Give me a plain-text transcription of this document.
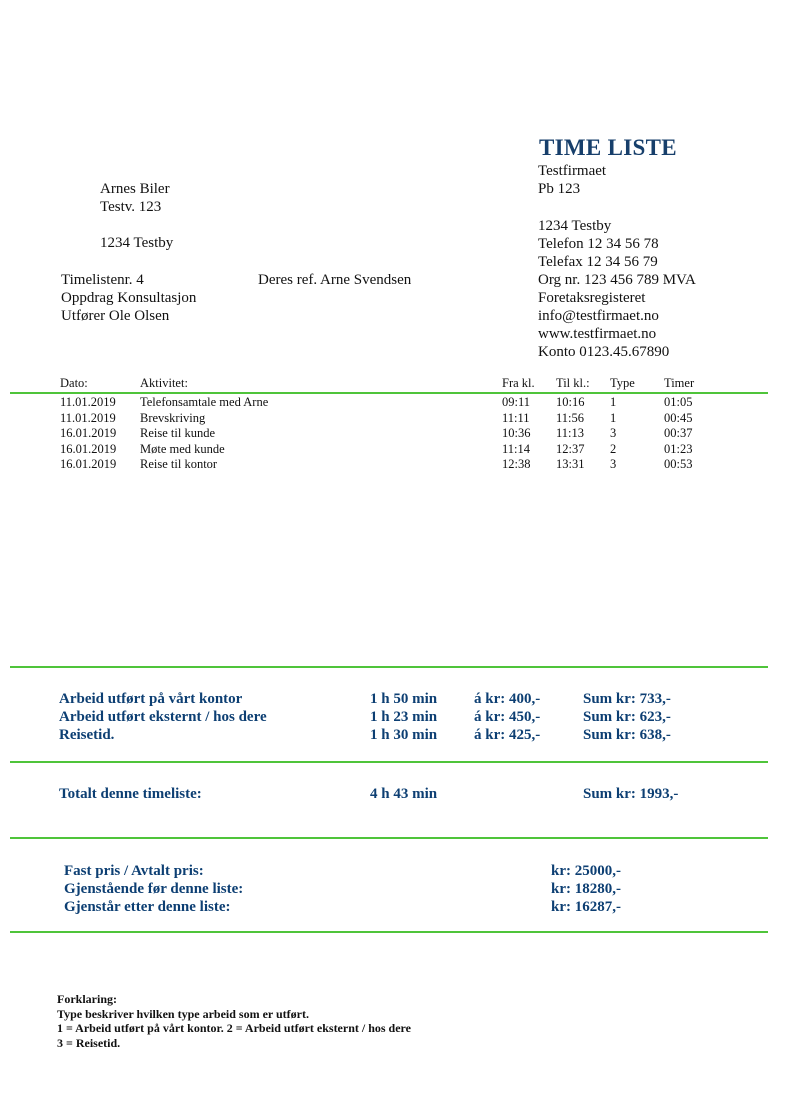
TIME LISTE
Testfirmaet
Pb 123
1234 Testby
Telefon 12 34 56 78
Telefax 12 34 56 79
Org nr. 123 456 789 MVA
Foretaksregisteret
info@testfirmaet.no
www.testfirmaet.no
Konto 0123.45.67890
Arnes Biler
Testv. 123
1234 Testby
Timelistenr. 4
Oppdrag Konsultasjon
Utfører Ole Olsen
Deres ref. Arne Svendsen
Dato:	Aktivitet:	Fra kl. Til kl.: Type Timer
11.01.2019 Telefonsamtale med Arne	09:11 10:16 1	01:05
11.01.2019 Brevskriving	11:11 11:56 1	00:45
16.01.2019 Reise til kunde	10:36 11:13 3	00:37
16.01.2019 Møte med kunde	11:14 12:37 2	01:23
16.01.2019 Reise til kontor	12:38 13:31 3	00:53
Arbeid utført på vårt kontor	1 h 50 min á kr: 400,-	Sum kr: 733,-
Arbeid utført eksternt / hos dere	1 h 23 min á kr: 450,-	Sum kr: 623,-
Reisetid.	1 h 30 min á kr: 425,-	Sum kr: 638,-
Totalt denne timeliste:	4 h 43 min	Sum kr: 1993,-
Fast pris / Avtalt pris:	kr: 25000,-
Gjenstående før denne liste:	kr: 18280,-
Gjenstår etter denne liste:	kr: 16287,-
Forklaring:
Type beskriver hvilken type arbeid som er utført.
1 = Arbeid utført på vårt kontor. 2 = Arbeid utført eksternt / hos dere
3 = Reisetid.
